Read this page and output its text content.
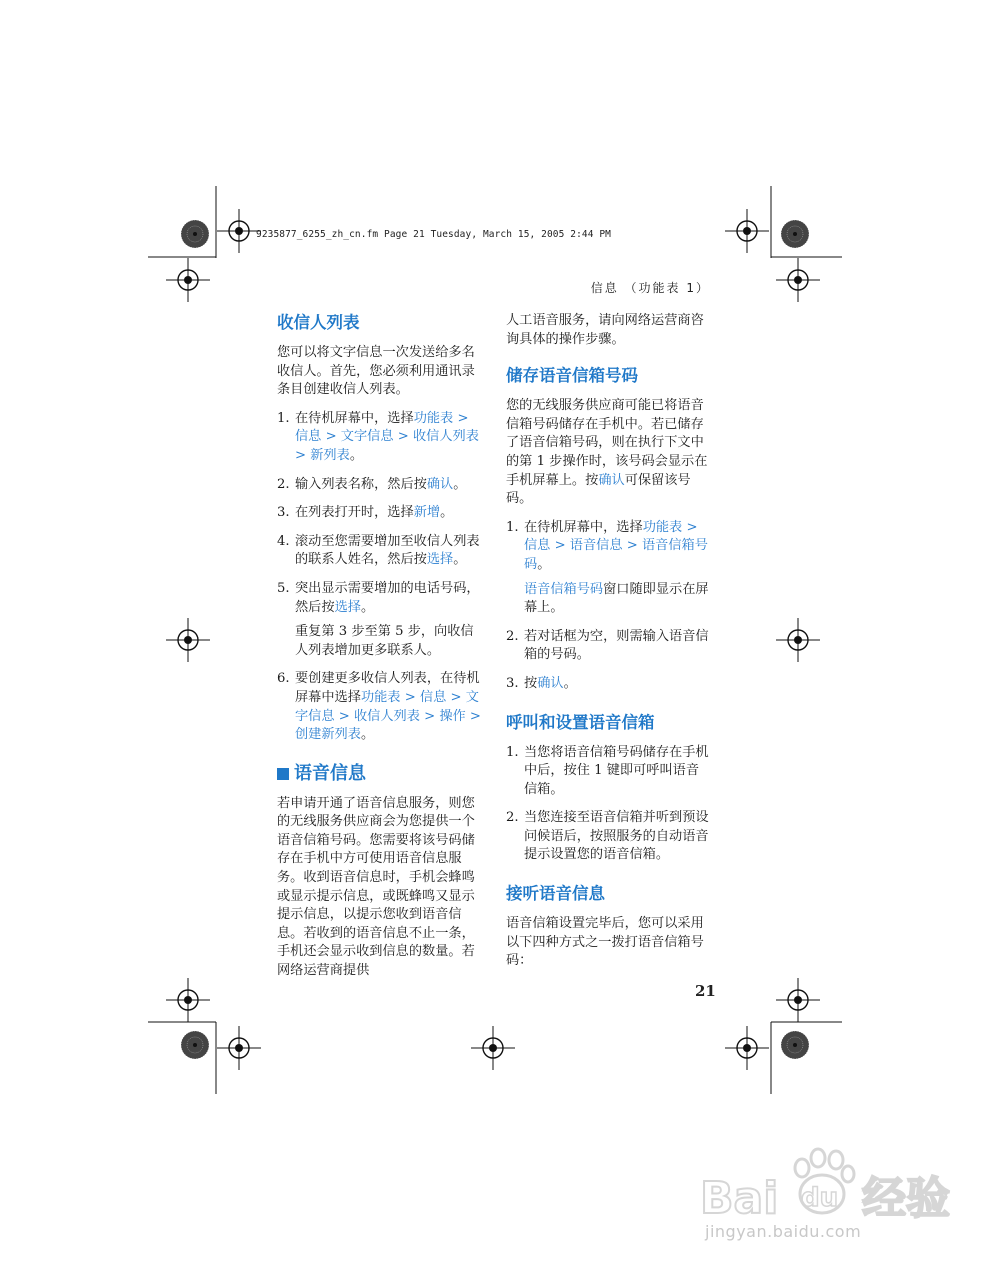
9235877_6255_zh_cn.fm Page 21 Tuesday, March 15, 2005 2:44 PM
信息 （功能表 1）
收信人列表

您可以将文字信息一次发送给多名收信人。首先，您必须利用通讯录条目创建收信人列表。

1. 在待机屏幕中，选择功能表 > 信息 > 文字信息 > 收信人列表 > 新列表。
2. 输入列表名称，然后按确认。
3. 在列表打开时，选择新增。
4. 滚动至您需要增加至收信人列表的联系人姓名，然后按选择。
5. 突出显示需要增加的电话号码，然后按选择。
重复第 3 步至第 5 步，向收信人列表增加更多联系人。
6. 要创建更多收信人列表，在待机屏幕中选择功能表 > 信息 > 文字信息 > 收信人列表 > 操作 > 创建新列表。
语音信息

若申请开通了语音信息服务，则您的无线服务供应商会为您提供一个语音信箱号码。您需要将该号码储存在手机中方可使用语音信息服务。收到语音信息时，手机会蜂鸣或显示提示信息，或既蜂鸣又显示提示信息，以提示您收到语音信息。若收到的语音信息不止一条，手机还会显示收到信息的数量。若网络运营商提供

人工语音服务，请向网络运营商咨询具体的操作步骤。

储存语音信箱号码

您的无线服务供应商可能已将语音信箱号码储存在手机中。若已储存了语音信箱号码，则在执行下文中的第 1 步操作时，该号码会显示在手机屏幕上。按确认可保留该号码。

1. 在待机屏幕中，选择功能表 > 信息 > 语音信息 > 语音信箱号码。
语音信箱号码窗口随即显示在屏幕上。
2. 若对话框为空，则需输入语音信箱的号码。
3. 按确认。
呼叫和设置语音信箱
1. 当您将语音信箱号码储存在手机中后，按住 1 键即可呼叫语音信箱。
2. 当您连接至语音信箱并听到预设问候语后，按照服务的自动语音提示设置您的语音信箱。
接听语音信息

语音信箱设置完毕后，您可以采用以下四种方式之一拨打语音信箱号码：

21
Bai du 经验
jingyan.baidu.com
